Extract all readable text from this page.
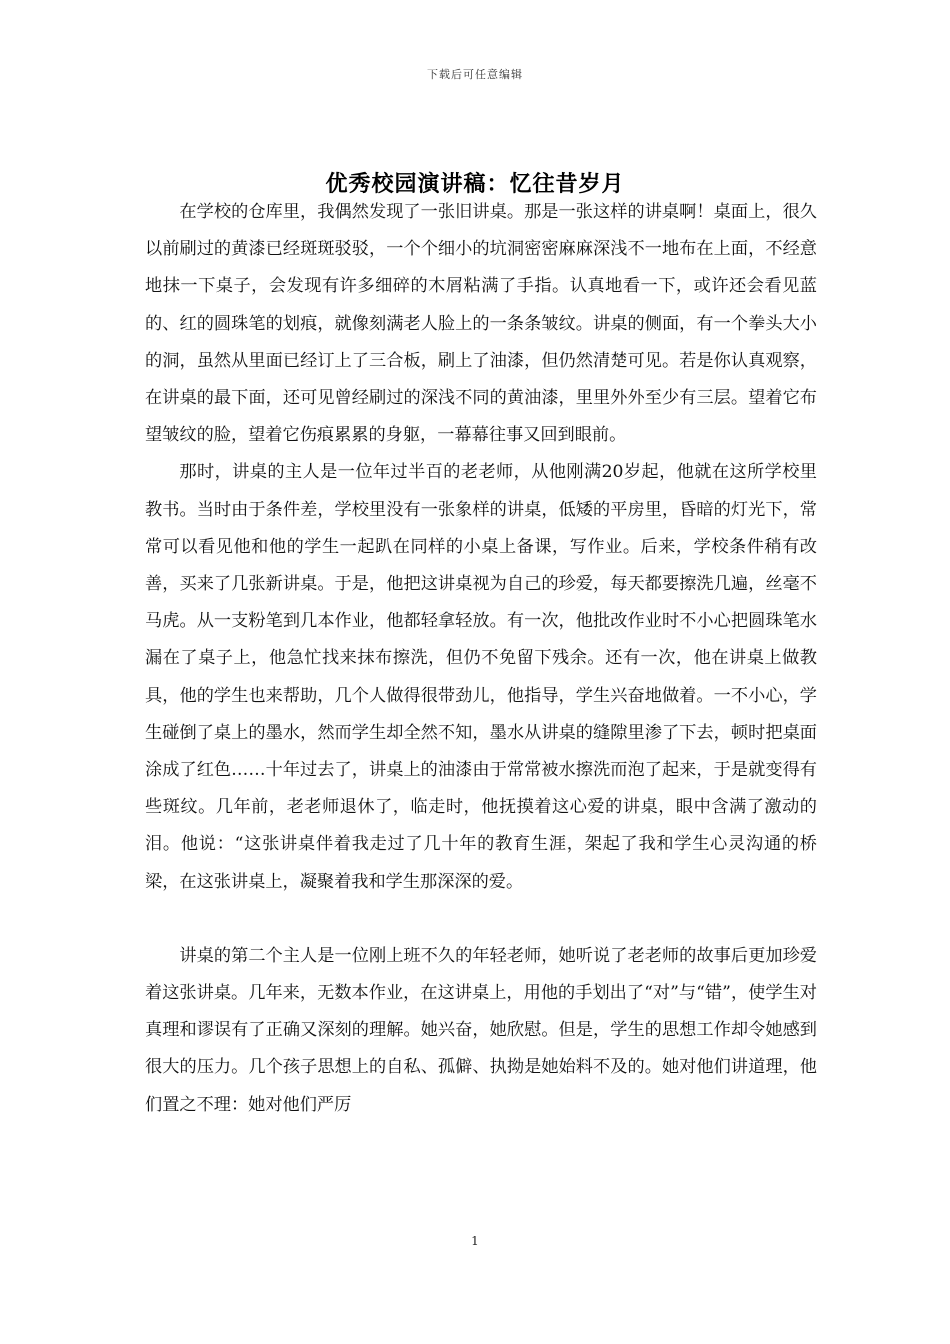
下载后可任意编辑
优秀校园演讲稿：忆往昔岁月

在学校的仓库里，我偶然发现了一张旧讲桌。那是一张这样的讲桌啊！桌面上，很久以前刷过的黄漆已经斑斑驳驳，一个个细小的坑洞密密麻麻深浅不一地布在上面，不经意地抹一下桌子，会发现有许多细碎的木屑粘满了手指。认真地看一下，或许还会看见蓝的、红的圆珠笔的划痕，就像刻满老人脸上的一条条皱纹。讲桌的侧面，有一个拳头大小的洞，虽然从里面已经订上了三合板，刷上了油漆，但仍然清楚可见。若是你认真观察，在讲桌的最下面，还可见曾经刷过的深浅不同的黄油漆，里里外外至少有三层。望着它布望皱纹的脸，望着它伤痕累累的身躯，一幕幕往事又回到眼前。

那时，讲桌的主人是一位年过半百的老老师，从他刚满20岁起，他就在这所学校里教书。当时由于条件差，学校里没有一张象样的讲桌，低矮的平房里，昏暗的灯光下，常常可以看见他和他的学生一起趴在同样的小桌上备课，写作业。后来，学校条件稍有改善，买来了几张新讲桌。于是，他把这讲桌视为自己的珍爱，每天都要擦洗几遍，丝毫不马虎。从一支粉笔到几本作业，他都轻拿轻放。有一次，他批改作业时不小心把圆珠笔水漏在了桌子上，他急忙找来抹布擦洗，但仍不免留下残余。还有一次，他在讲桌上做教具，他的学生也来帮助，几个人做得很带劲儿，他指导，学生兴奋地做着。一不小心，学生碰倒了桌上的墨水，然而学生却全然不知，墨水从讲桌的缝隙里渗了下去，顿时把桌面涂成了红色……十年过去了，讲桌上的油漆由于常常被水擦洗而泡了起来，于是就变得有些斑纹。几年前，老老师退休了，临走时，他抚摸着这心爱的讲桌，眼中含满了激动的泪。他说：“这张讲桌伴着我走过了几十年的教育生涯，架起了我和学生心灵沟通的桥梁，在这张讲桌上，凝聚着我和学生那深深的爱。

讲桌的第二个主人是一位刚上班不久的年轻老师，她听说了老老师的故事后更加珍爱着这张讲桌。几年来，无数本作业，在这讲桌上，用他的手划出了“对”与“错”，使学生对真理和谬误有了正确又深刻的理解。她兴奋，她欣慰。但是，学生的思想工作却令她感到很大的压力。几个孩子思想上的自私、孤僻、执拗是她始料不及的。她对他们讲道理，他们置之不理：她对他们严厉

1
